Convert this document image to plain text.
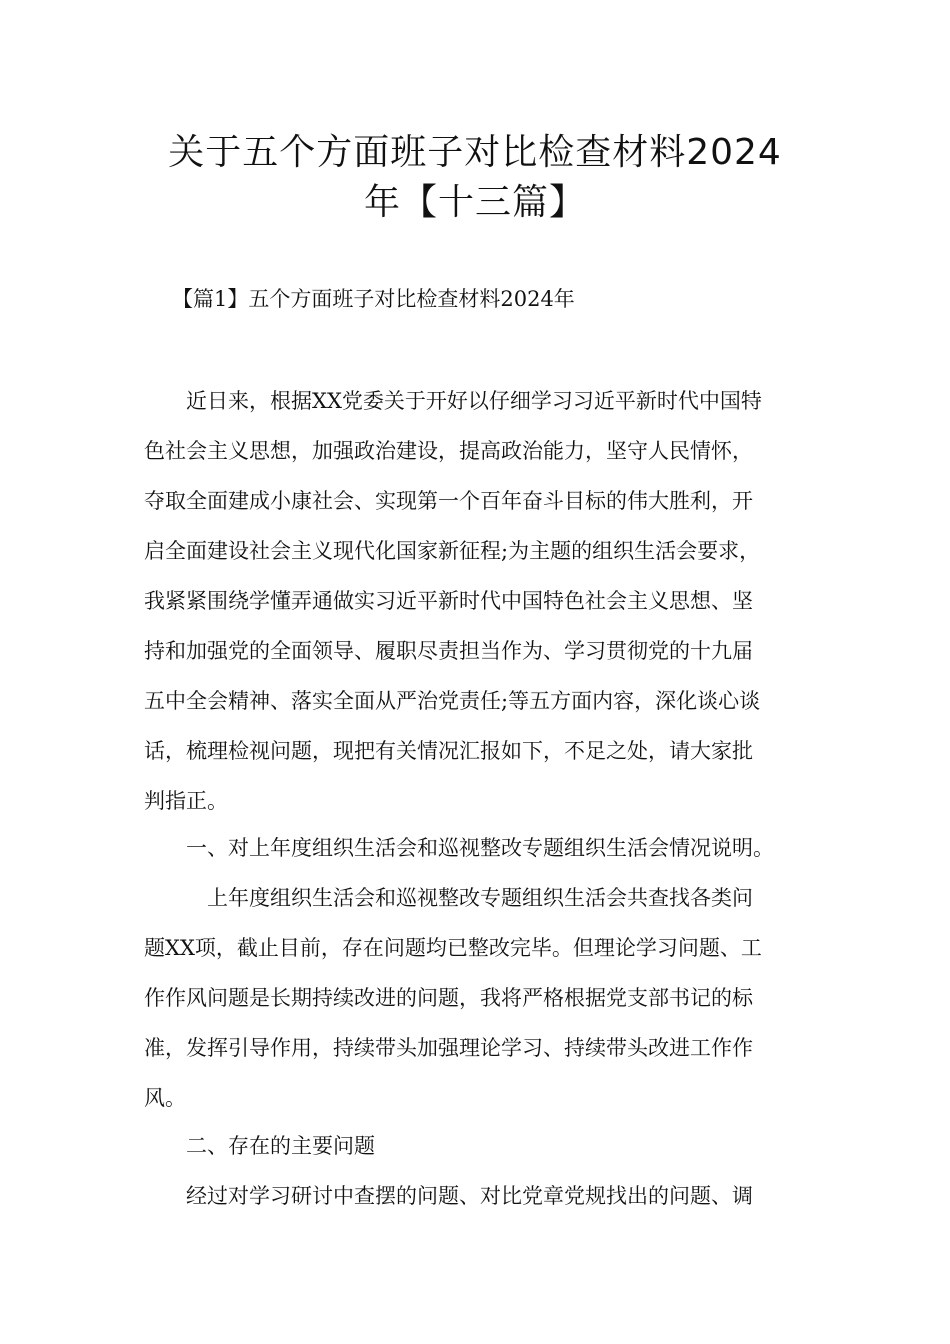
关于五个方面班子对比检查材料2024
年【十三篇】
【篇1】五个方面班子对比检查材料2024年
　　近日来，根据XX党委关于开好以仔细学习习近平新时代中国特
色社会主义思想，加强政治建设，提高政治能力，坚守人民情怀，
夺取全面建成小康社会、实现第一个百年奋斗目标的伟大胜利，开
启全面建设社会主义现代化国家新征程;为主题的组织生活会要求，
我紧紧围绕学懂弄通做实习近平新时代中国特色社会主义思想、坚
持和加强党的全面领导、履职尽责担当作为、学习贯彻党的十九届
五中全会精神、落实全面从严治党责任;等五方面内容，深化谈心谈
话，梳理检视问题，现把有关情况汇报如下，不足之处，请大家批
判指正。
　　一、对上年度组织生活会和巡视整改专题组织生活会情况说明。
　　　上年度组织生活会和巡视整改专题组织生活会共查找各类问
题XX项，截止目前，存在问题均已整改完毕。但理论学习问题、工
作作风问题是长期持续改进的问题，我将严格根据党支部书记的标
准，发挥引导作用，持续带头加强理论学习、持续带头改进工作作
风。
　　二、存在的主要问题
　　经过对学习研讨中查摆的问题、对比党章党规找出的问题、调
